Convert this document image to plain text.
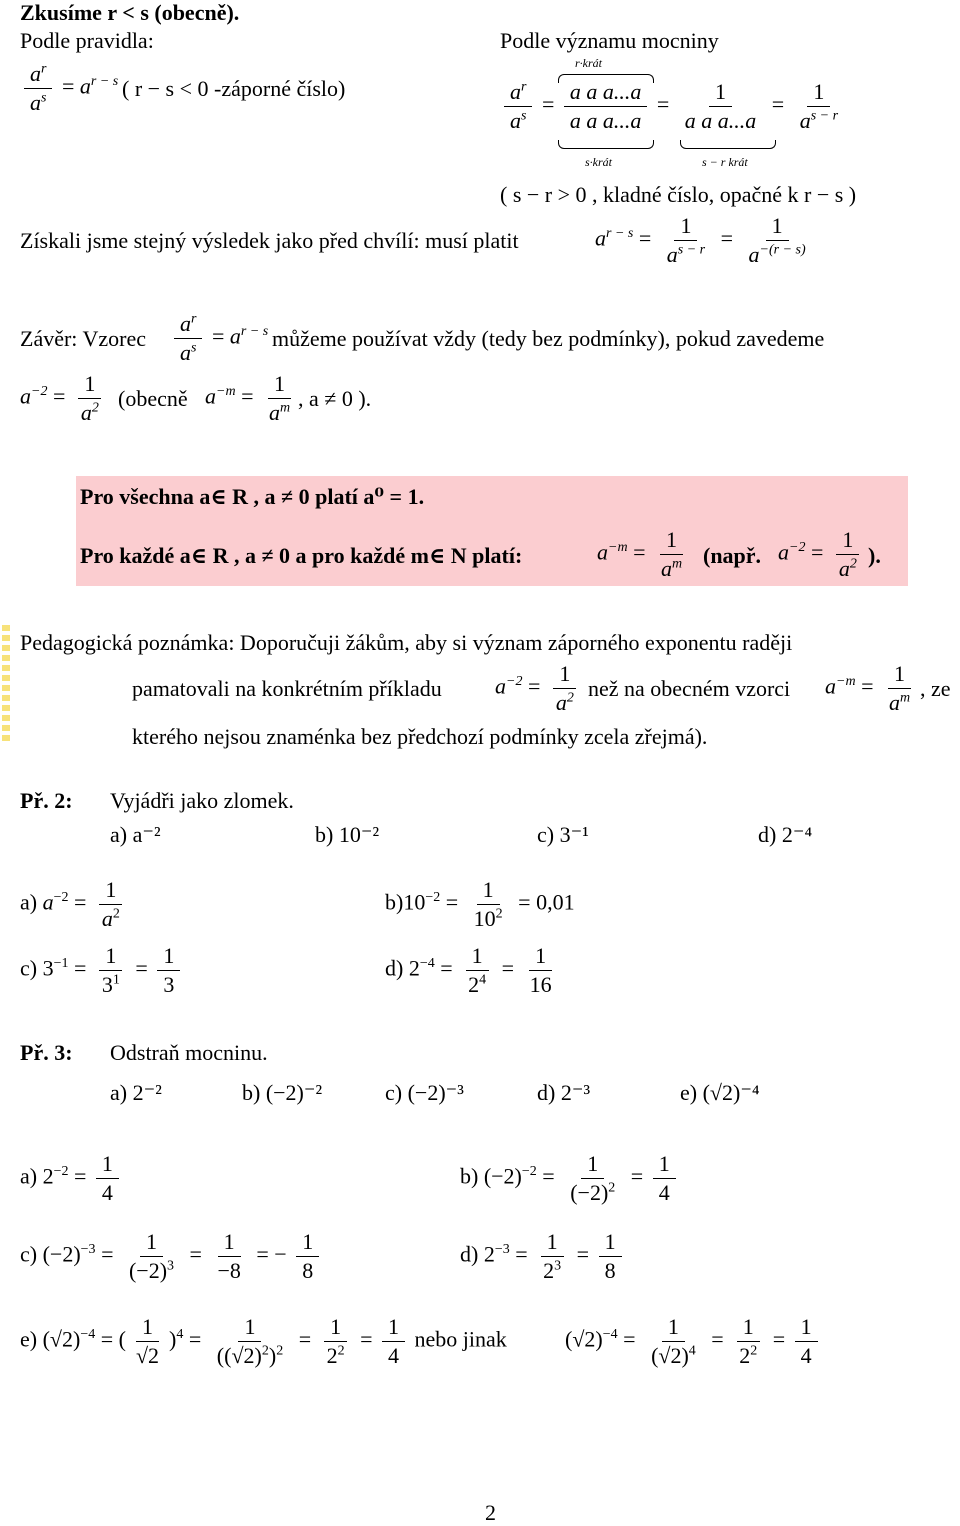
Zkusíme r < s (obecně).
Podle pravidla:	Podle významu mocniny
$\frac{a^r}{a^s} = a^{r - s}$ ( r − s < 0 -záporné číslo)
r·krát
$\frac{a^r}{a^s} = \frac{\text{a a a...a}}{\text{a a a...a}} = \frac{1}{\text{a a a...a}} = \frac{1}{a^{s - r}}$
s·krát	s − r krát
( s − r > 0 , kladné číslo, opačné k r − s )
Získali jsme stejný výsledek jako před chvílí: musí platit	$a^{r - s} = \frac{1}{a^{s - r}} = \frac{1}{a^{-(r - s)}}$
Závěr: Vzorec $\frac{a^r}{a^s} = a^{r - s}$ můžeme používat vždy (tedy bez podmínky), pokud zavedeme
$a^{-2} = \frac{1}{a^2}$ (obecně $a^{-m} = \frac{1}{a^m}$ , a ≠ 0 ).
Pro všechna a∈ R , a ≠ 0 platí a⁰ = 1.
Pro každé a∈ R , a ≠ 0 a pro každé m∈ N platí:	$a^{-m} = \frac{1}{a^m}$ (např. $a^{-2} = \frac{1}{a^2}$ ).
Pedagogická poznámka: Doporučuji žákům, aby si význam záporného exponentu raději
pamatovali na konkrétním příkladu $a^{-2} = \frac{1}{a^2}$ než na obecném vzorci $a^{-m} = \frac{1}{a^m}$ , ze
kterého nejsou znaménka bez předchozí podmínky zcela zřejmá).
Př. 2: Vyjádři jako zlomek.
a) a⁻²	b) 10⁻²	c) 3⁻¹	d) 2⁻⁴
a) $a^{-2} = \frac{1}{a^2}$	$b)10^{-2} = \frac{1}{10^2} = 0,01$
c) $3^{-1} = \frac{1}{3^1} = \frac{1}{3}$	d) $2^{-4} = \frac{1}{2^4} = \frac{1}{16}$
Př. 3: Odstraň mocninu.
a) 2⁻²	b) (−2)⁻²	c) (−2)⁻³	d) 2⁻³	e) (√2)⁻⁴
a) $2^{-2} = \frac{1}{4}$	b) $(-2)^{-2} = \frac{1}{(-2)^2} = \frac{1}{4}$
c) $(-2)^{-3} = \frac{1}{(-2)^3} = \frac{1}{-8}$ = − $\frac{1}{8}$	d) $2^{-3} = \frac{1}{2^3} = \frac{1}{8}$
e) $(√2)^{-4}$ = ( $\frac{1}{√2} )^4 = \frac{1}{((√2)^2)^2} = \frac{1}{2^2} = \frac{1}{4}$ nebo jinak	$(√2)^{-4} = \frac{1}{(√2)^4} = \frac{1}{2^2} = \frac{1}{4}$
2
